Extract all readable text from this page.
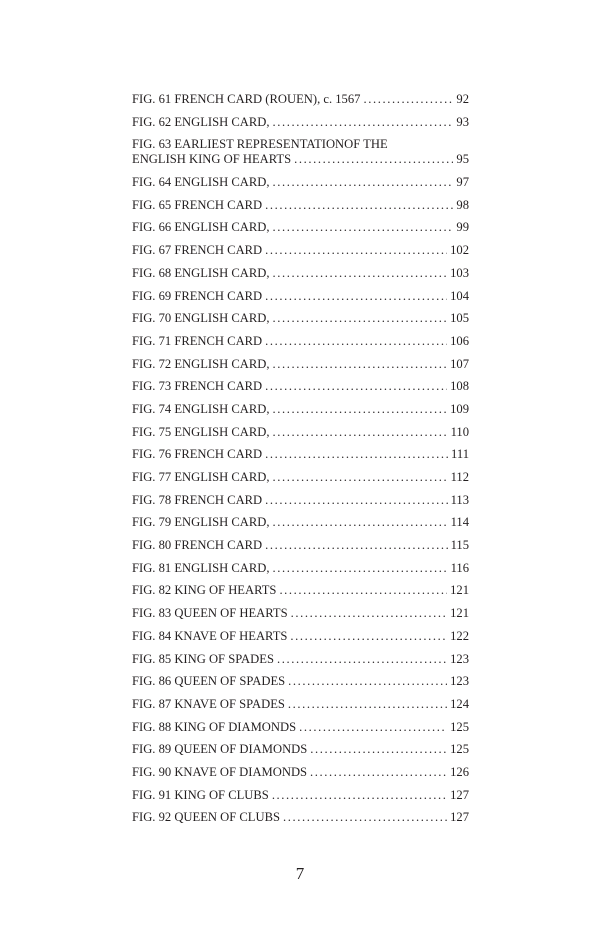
FIG. 61 FRENCH CARD (ROUEN), c. 1567 .....	92
FIG. 62 ENGLISH CARD, .....	93
FIG. 63 EARLIEST REPRESENTATIONOF THE
ENGLISH KING OF HEARTS .....	95
FIG. 64 ENGLISH CARD, .....	97
FIG. 65 FRENCH CARD .....	98
FIG. 66 ENGLISH CARD, .....	99
FIG. 67 FRENCH CARD .....	102
FIG. 68 ENGLISH CARD, .....	103
FIG. 69 FRENCH CARD .....	104
FIG. 70 ENGLISH CARD, .....	105
FIG. 71 FRENCH CARD .....	106
FIG. 72 ENGLISH CARD, .....	107
FIG. 73 FRENCH CARD .....	108
FIG. 74 ENGLISH CARD, .....	109
FIG. 75 ENGLISH CARD, .....	110
FIG. 76 FRENCH CARD .....	111
FIG. 77 ENGLISH CARD, .....	112
FIG. 78 FRENCH CARD .....	113
FIG. 79 ENGLISH CARD, .....	114
FIG. 80 FRENCH CARD .....	115
FIG. 81 ENGLISH CARD, .....	116
FIG. 82 KING OF HEARTS .....	121
FIG. 83 QUEEN OF HEARTS .....	121
FIG. 84 KNAVE OF HEARTS .....	122
FIG. 85 KING OF SPADES .....	123
FIG. 86 QUEEN OF SPADES .....	123
FIG. 87 KNAVE OF SPADES .....	124
FIG. 88 KING OF DIAMONDS .....	125
FIG. 89 QUEEN OF DIAMONDS .....	125
FIG. 90 KNAVE OF DIAMONDS .....	126
FIG. 91 KING OF CLUBS .....	127
FIG. 92 QUEEN OF CLUBS .....	127
7
